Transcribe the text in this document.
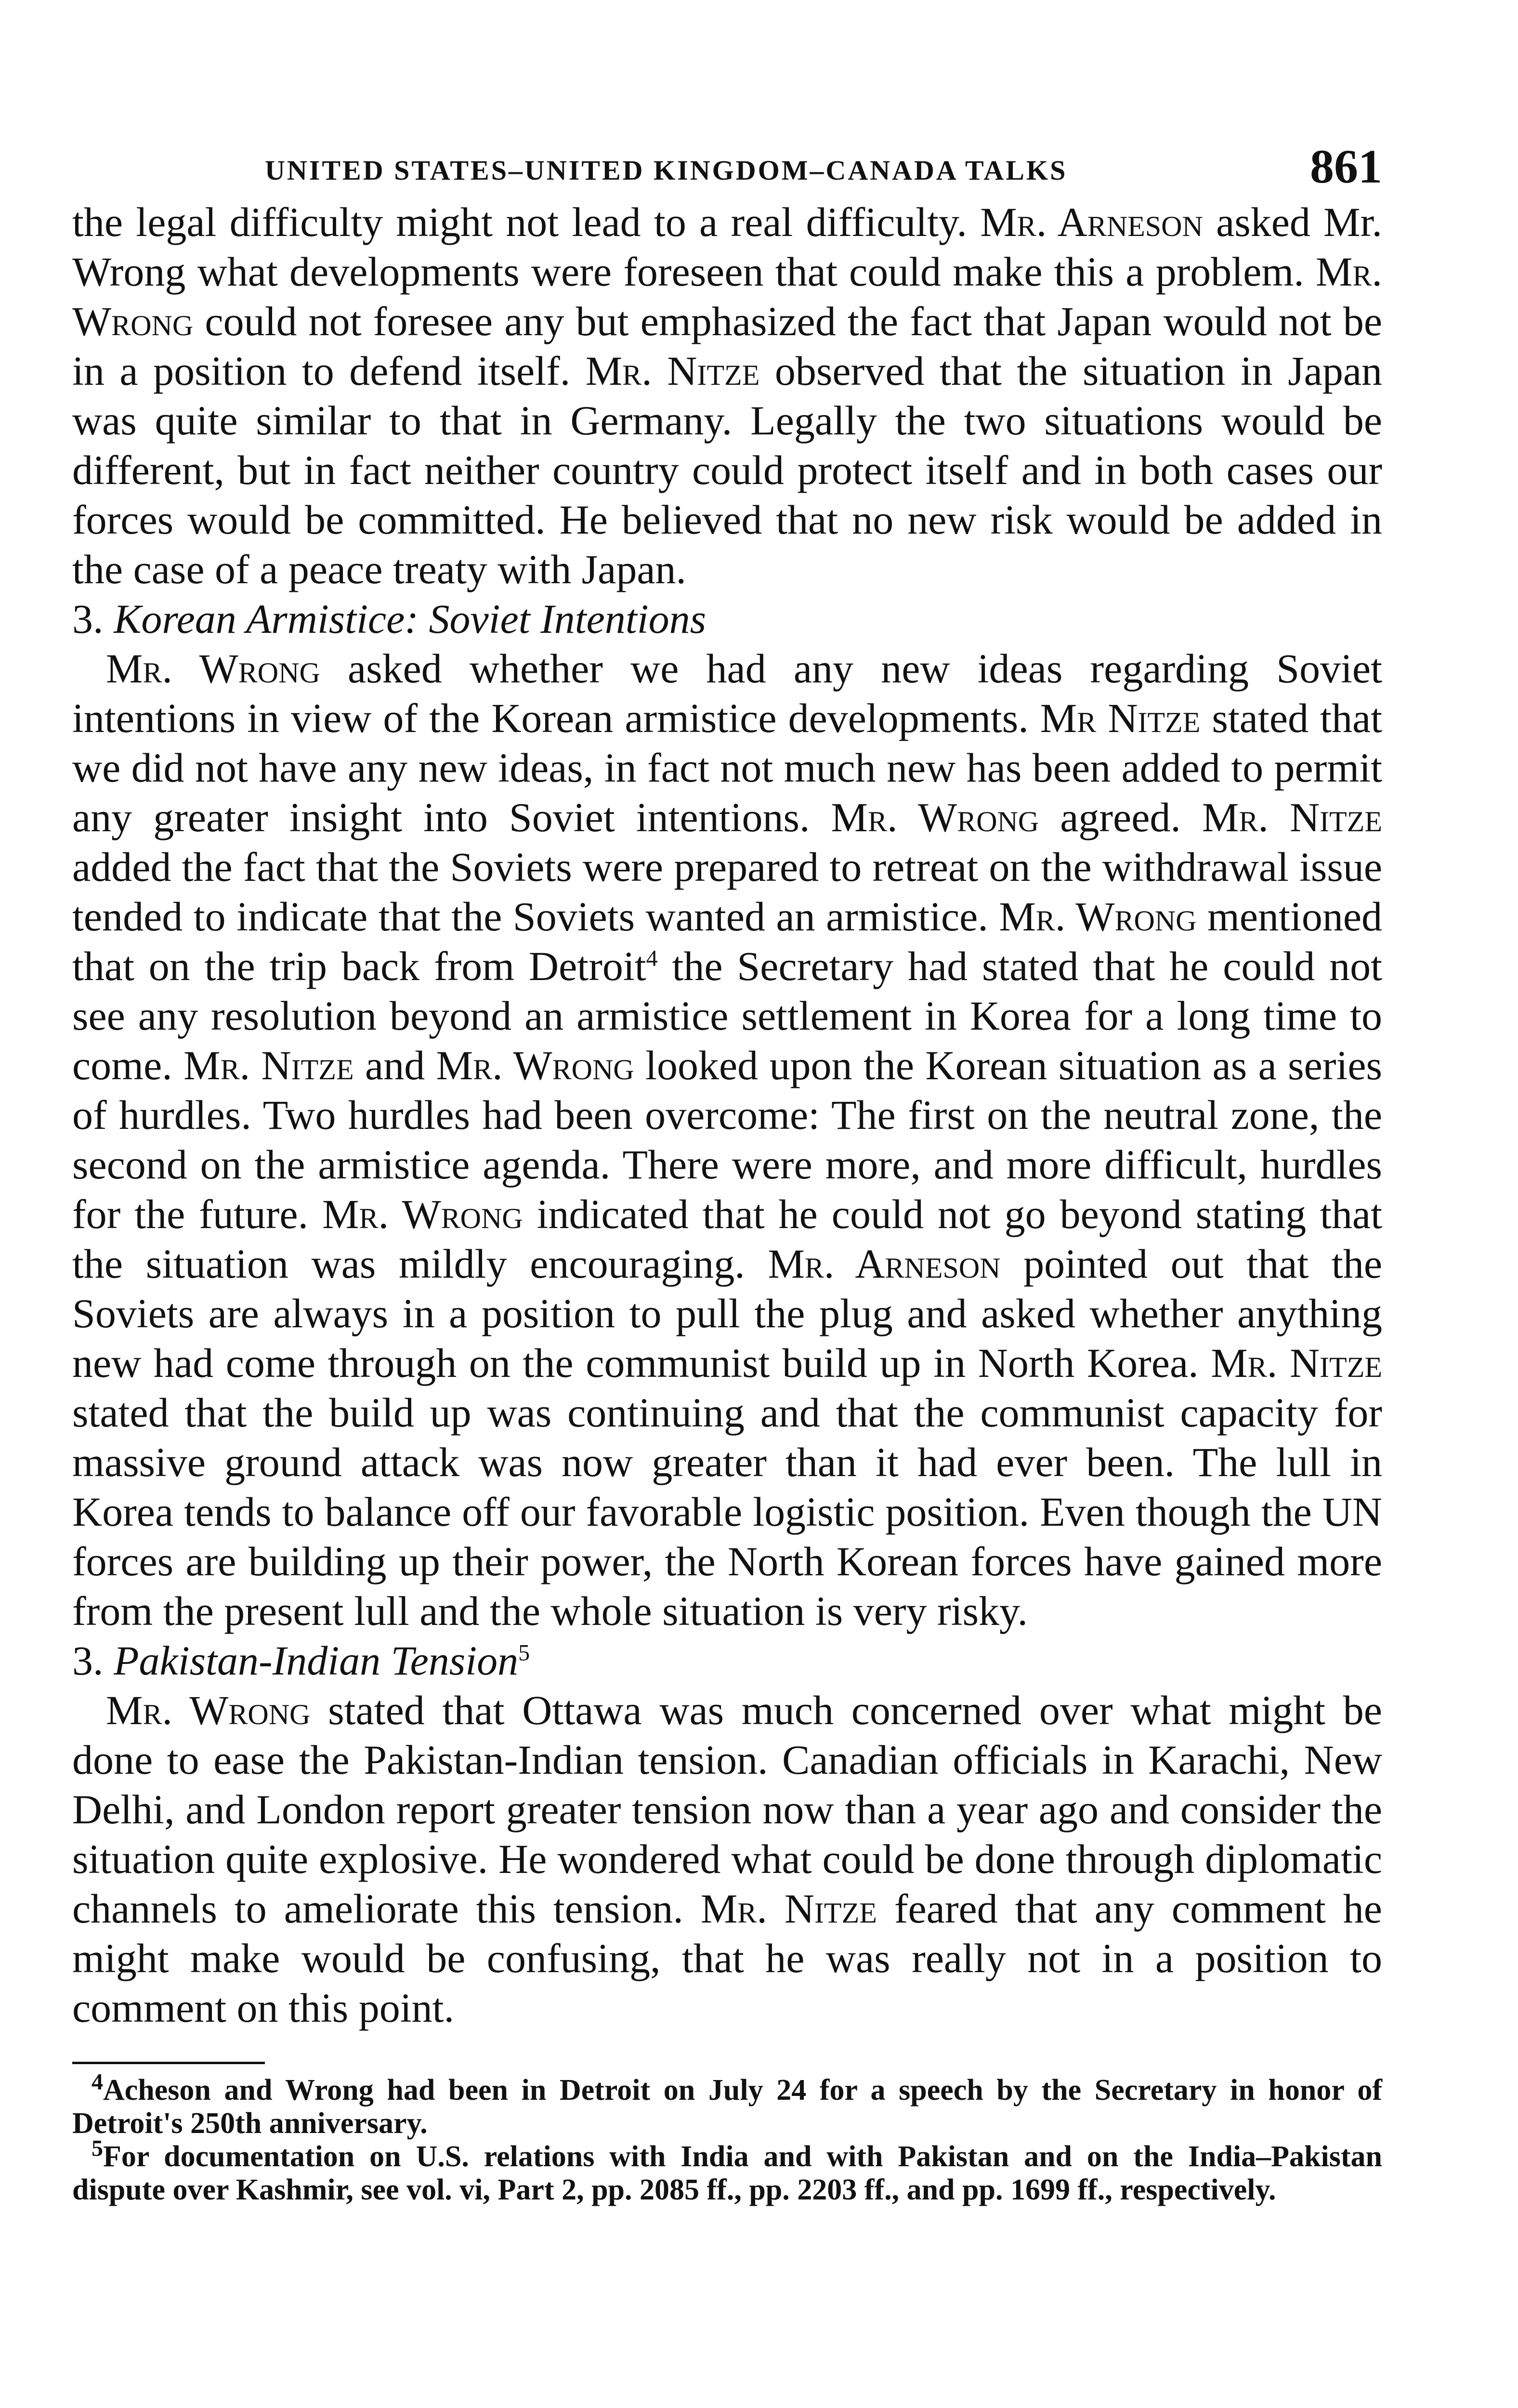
UNITED STATES–UNITED KINGDOM–CANADA TALKS	861

the legal difficulty might not lead to a real difficulty. Mr. Arneson asked Mr. Wrong what developments were foreseen that could make this a problem. Mr. Wrong could not foresee any but emphasized the fact that Japan would not be in a position to defend itself. Mr. Nitze observed that the situation in Japan was quite similar to that in Germany. Legally the two situations would be different, but in fact neither country could protect itself and in both cases our forces would be committed. He believed that no new risk would be added in the case of a peace treaty with Japan.

3. Korean Armistice: Soviet Intentions

Mr. Wrong asked whether we had any new ideas regarding Soviet intentions in view of the Korean armistice developments. Mr Nitze stated that we did not have any new ideas, in fact not much new has been added to permit any greater insight into Soviet intentions. Mr. Wrong agreed. Mr. Nitze added the fact that the Soviets were prepared to retreat on the withdrawal issue tended to indicate that the Soviets wanted an armistice. Mr. Wrong mentioned that on the trip back from Detroit$^4$ the Secretary had stated that he could not see any resolution beyond an armistice settlement in Korea for a long time to come. Mr. Nitze and Mr. Wrong looked upon the Korean situation as a series of hurdles. Two hurdles had been overcome: The first on the neutral zone, the second on the armistice agenda. There were more, and more difficult, hurdles for the future. Mr. Wrong indicated that he could not go beyond stating that the situation was mildly encouraging. Mr. Arneson pointed out that the Soviets are always in a position to pull the plug and asked whether anything new had come through on the communist build up in North Korea. Mr. Nitze stated that the build up was continuing and that the communist capacity for massive ground attack was now greater than it had ever been. The lull in Korea tends to balance off our favorable logistic position. Even though the UN forces are building up their power, the North Korean forces have gained more from the present lull and the whole situation is very risky.

3. Pakistan-Indian Tension$^5$

Mr. Wrong stated that Ottawa was much concerned over what might be done to ease the Pakistan-Indian tension. Canadian officials in Karachi, New Delhi, and London report greater tension now than a year ago and consider the situation quite explosive. He wondered what could be done through diplomatic channels to ameliorate this tension. Mr. Nitze feared that any comment he might make would be confusing, that he was really not in a position to comment on this point.

$^4$Acheson and Wrong had been in Detroit on July 24 for a speech by the Secretary in honor of Detroit's 250th anniversary.

$^5$For documentation on U.S. relations with India and with Pakistan and on the India–Pakistan dispute over Kashmir, see vol. vi, Part 2, pp. 2085 ff., pp. 2203 ff., and pp. 1699 ff., respectively.
